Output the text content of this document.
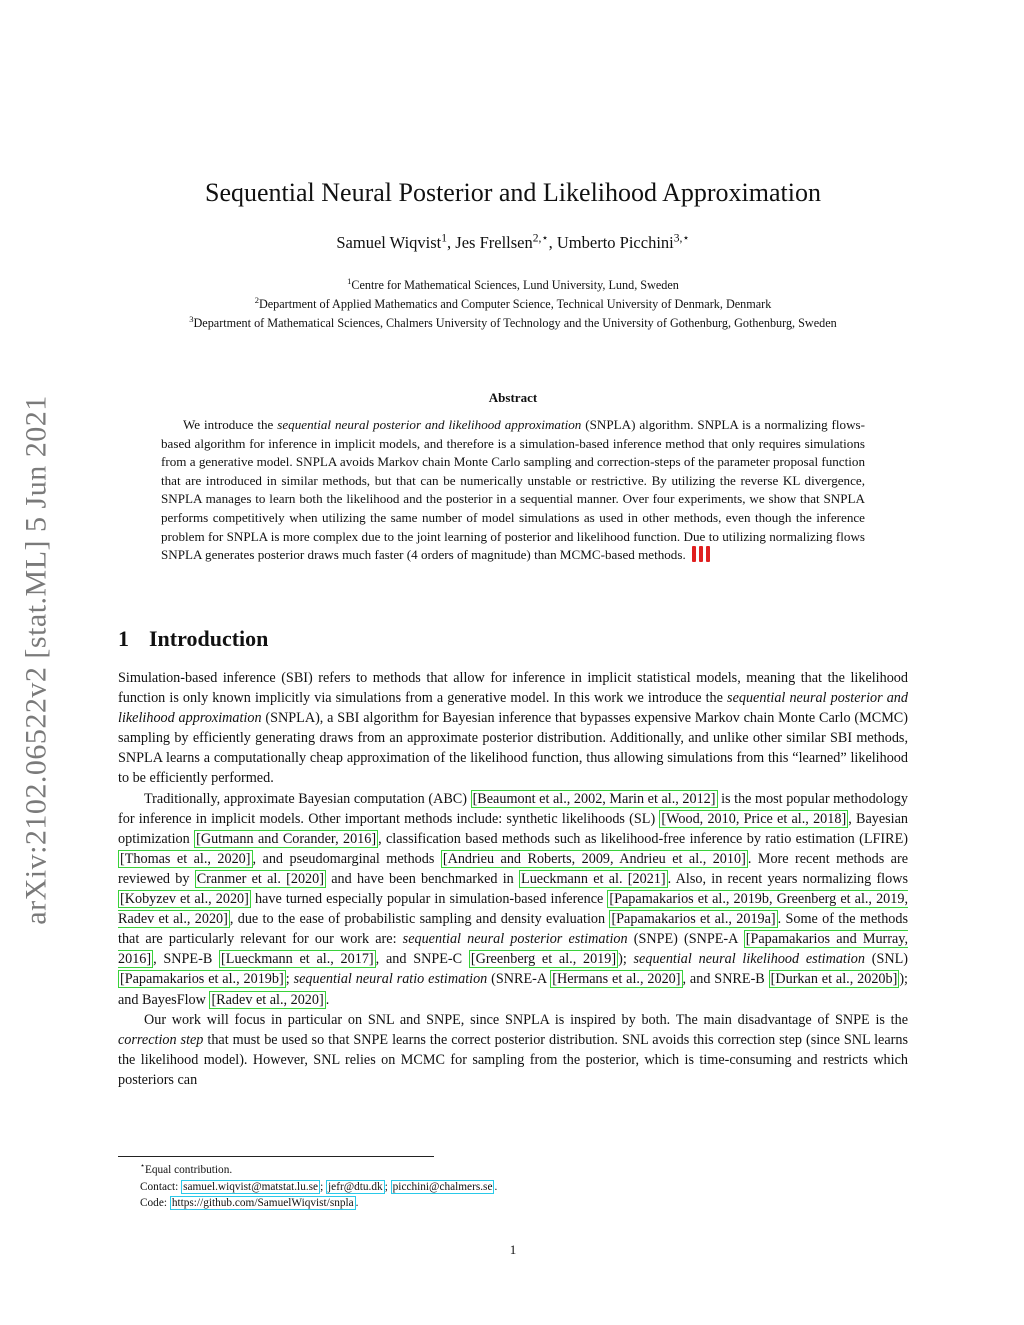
arXiv:2102.06522v2 [stat.ML] 5 Jun 2021
Sequential Neural Posterior and Likelihood Approximation
Samuel Wiqvist$^1$, Jes Frellsen$^{2,⋆}$, Umberto Picchini$^{3,⋆}$
$^1$Centre for Mathematical Sciences, Lund University, Lund, Sweden
$^2$Department of Applied Mathematics and Computer Science, Technical University of Denmark, Denmark
$^3$Department of Mathematical Sciences, Chalmers University of Technology and the University of Gothenburg, Gothenburg, Sweden
Abstract
We introduce the sequential neural posterior and likelihood approximation (SNPLA) algorithm. SNPLA is a normalizing flows-based algorithm for inference in implicit models, and therefore is a simulation-based inference method that only requires simulations from a generative model. SNPLA avoids Markov chain Monte Carlo sampling and correction-steps of the parameter proposal function that are introduced in similar methods, but that can be numerically unstable or restrictive. By utilizing the reverse KL divergence, SNPLA manages to learn both the likelihood and the posterior in a sequential manner. Over four experiments, we show that SNPLA performs competitively when utilizing the same number of model simulations as used in other methods, even though the inference problem for SNPLA is more complex due to the joint learning of posterior and likelihood function. Due to utilizing normalizing flows SNPLA generates posterior draws much faster (4 orders of magnitude) than MCMC-based methods.
1 Introduction

Simulation-based inference (SBI) refers to methods that allow for inference in implicit statistical models, meaning that the likelihood function is only known implicitly via simulations from a generative model. In this work we introduce the sequential neural posterior and likelihood approximation (SNPLA), a SBI algorithm for Bayesian inference that bypasses expensive Markov chain Monte Carlo (MCMC) sampling by efficiently generating draws from an approximate posterior distribution. Additionally, and unlike other similar SBI methods, SNPLA learns a computationally cheap approximation of the likelihood function, thus allowing simulations from this “learned” likelihood to be efficiently performed.

Traditionally, approximate Bayesian computation (ABC) [Beaumont et al., 2002, Marin et al., 2012] is the most popular methodology for inference in implicit models. Other important methods include: synthetic likelihoods (SL) [Wood, 2010, Price et al., 2018] , Bayesian optimization [Gutmann and Corander, 2016] , classification based methods such as likelihood-free inference by ratio estimation (LFIRE) [Thomas et al., 2020] , and pseudomarginal methods [Andrieu and Roberts, 2009, Andrieu et al., 2010] . More recent methods are reviewed by Cranmer et al. [2020] and have been benchmarked in Lueckmann et al. [2021] . Also, in recent years normalizing flows [Kobyzev et al., 2020] have turned especially popular in simulation-based inference [Papamakarios et al., 2019b, Greenberg et al., 2019, Radev et al., 2020] , due to the ease of probabilistic sampling and density evaluation [Papamakarios et al., 2019a] . Some of the methods that are particularly relevant for our work are: sequential neural posterior estimation (SNPE) (SNPE-A [Papamakarios and Murray, 2016] , SNPE-B [Lueckmann et al., 2017] , and SNPE-C [Greenberg et al., 2019] ); sequential neural likelihood estimation (SNL) [Papamakarios et al., 2019b] ; sequential neural ratio estimation (SNRE-A [Hermans et al., 2020] , and SNRE-B [Durkan et al., 2020b] ); and BayesFlow [Radev et al., 2020] .

Our work will focus in particular on SNL and SNPE, since SNPLA is inspired by both. The main disadvantage of SNPE is the correction step that must be used so that SNPE learns the correct posterior distribution. SNL avoids this correction step (since SNL learns the likelihood model). However, SNL relies on MCMC for sampling from the posterior, which is time-consuming and restricts which posteriors can

⋆Equal contribution.
Contact: samuel.wiqvist@matstat.lu.se ; jefr@dtu.dk ; picchini@chalmers.se .
Code: https://github.com/SamuelWiqvist/snpla .
1
